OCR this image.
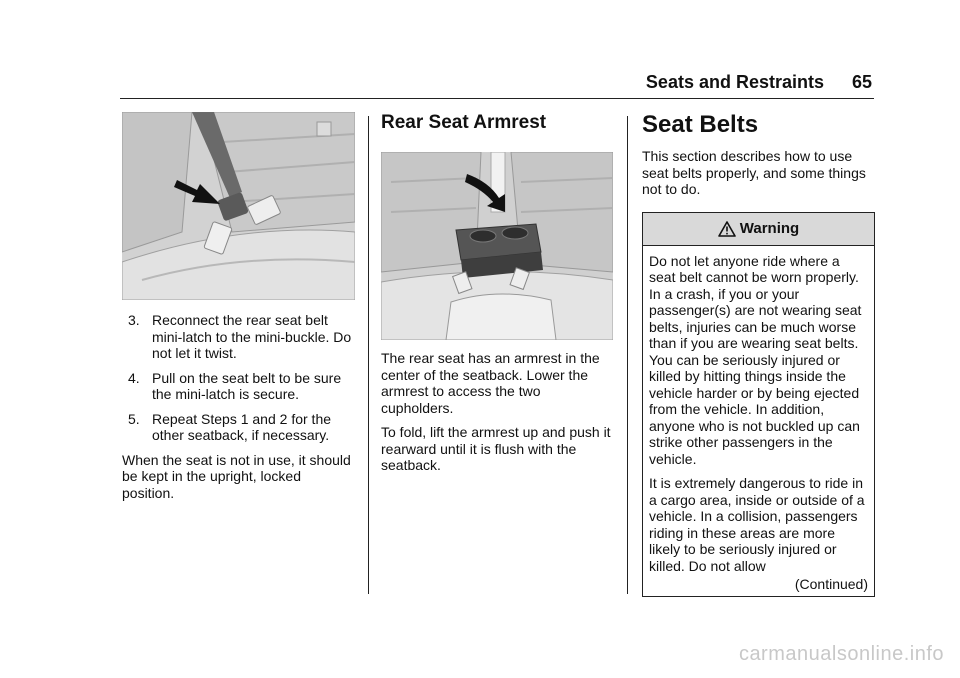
Seats and Restraints 65
3. Reconnect the rear seat belt mini-latch to the mini-buckle. Do not let it twist.
4. Pull on the seat belt to be sure the mini-latch is secure.
5. Repeat Steps 1 and 2 for the other seatback, if necessary.

When the seat is not in use, it should be kept in the upright, locked position.

Rear Seat Armrest

The rear seat has an armrest in the center of the seatback. Lower the armrest to access the two cupholders.

To fold, lift the armrest up and push it rearward until it is flush with the seatback.

Seat Belts

This section describes how to use seat belts properly, and some things not to do.

Warning

Do not let anyone ride where a seat belt cannot be worn properly. In a crash, if you or your passenger(s) are not wearing seat belts, injuries can be much worse than if you are wearing seat belts. You can be seriously injured or killed by hitting things inside the vehicle harder or by being ejected from the vehicle. In addition, anyone who is not buckled up can strike other passengers in the vehicle.

It is extremely dangerous to ride in a cargo area, inside or outside of a vehicle. In a collision, passengers riding in these areas are more likely to be seriously injured or killed. Do not allow

(Continued)
carmanualsonline.info
